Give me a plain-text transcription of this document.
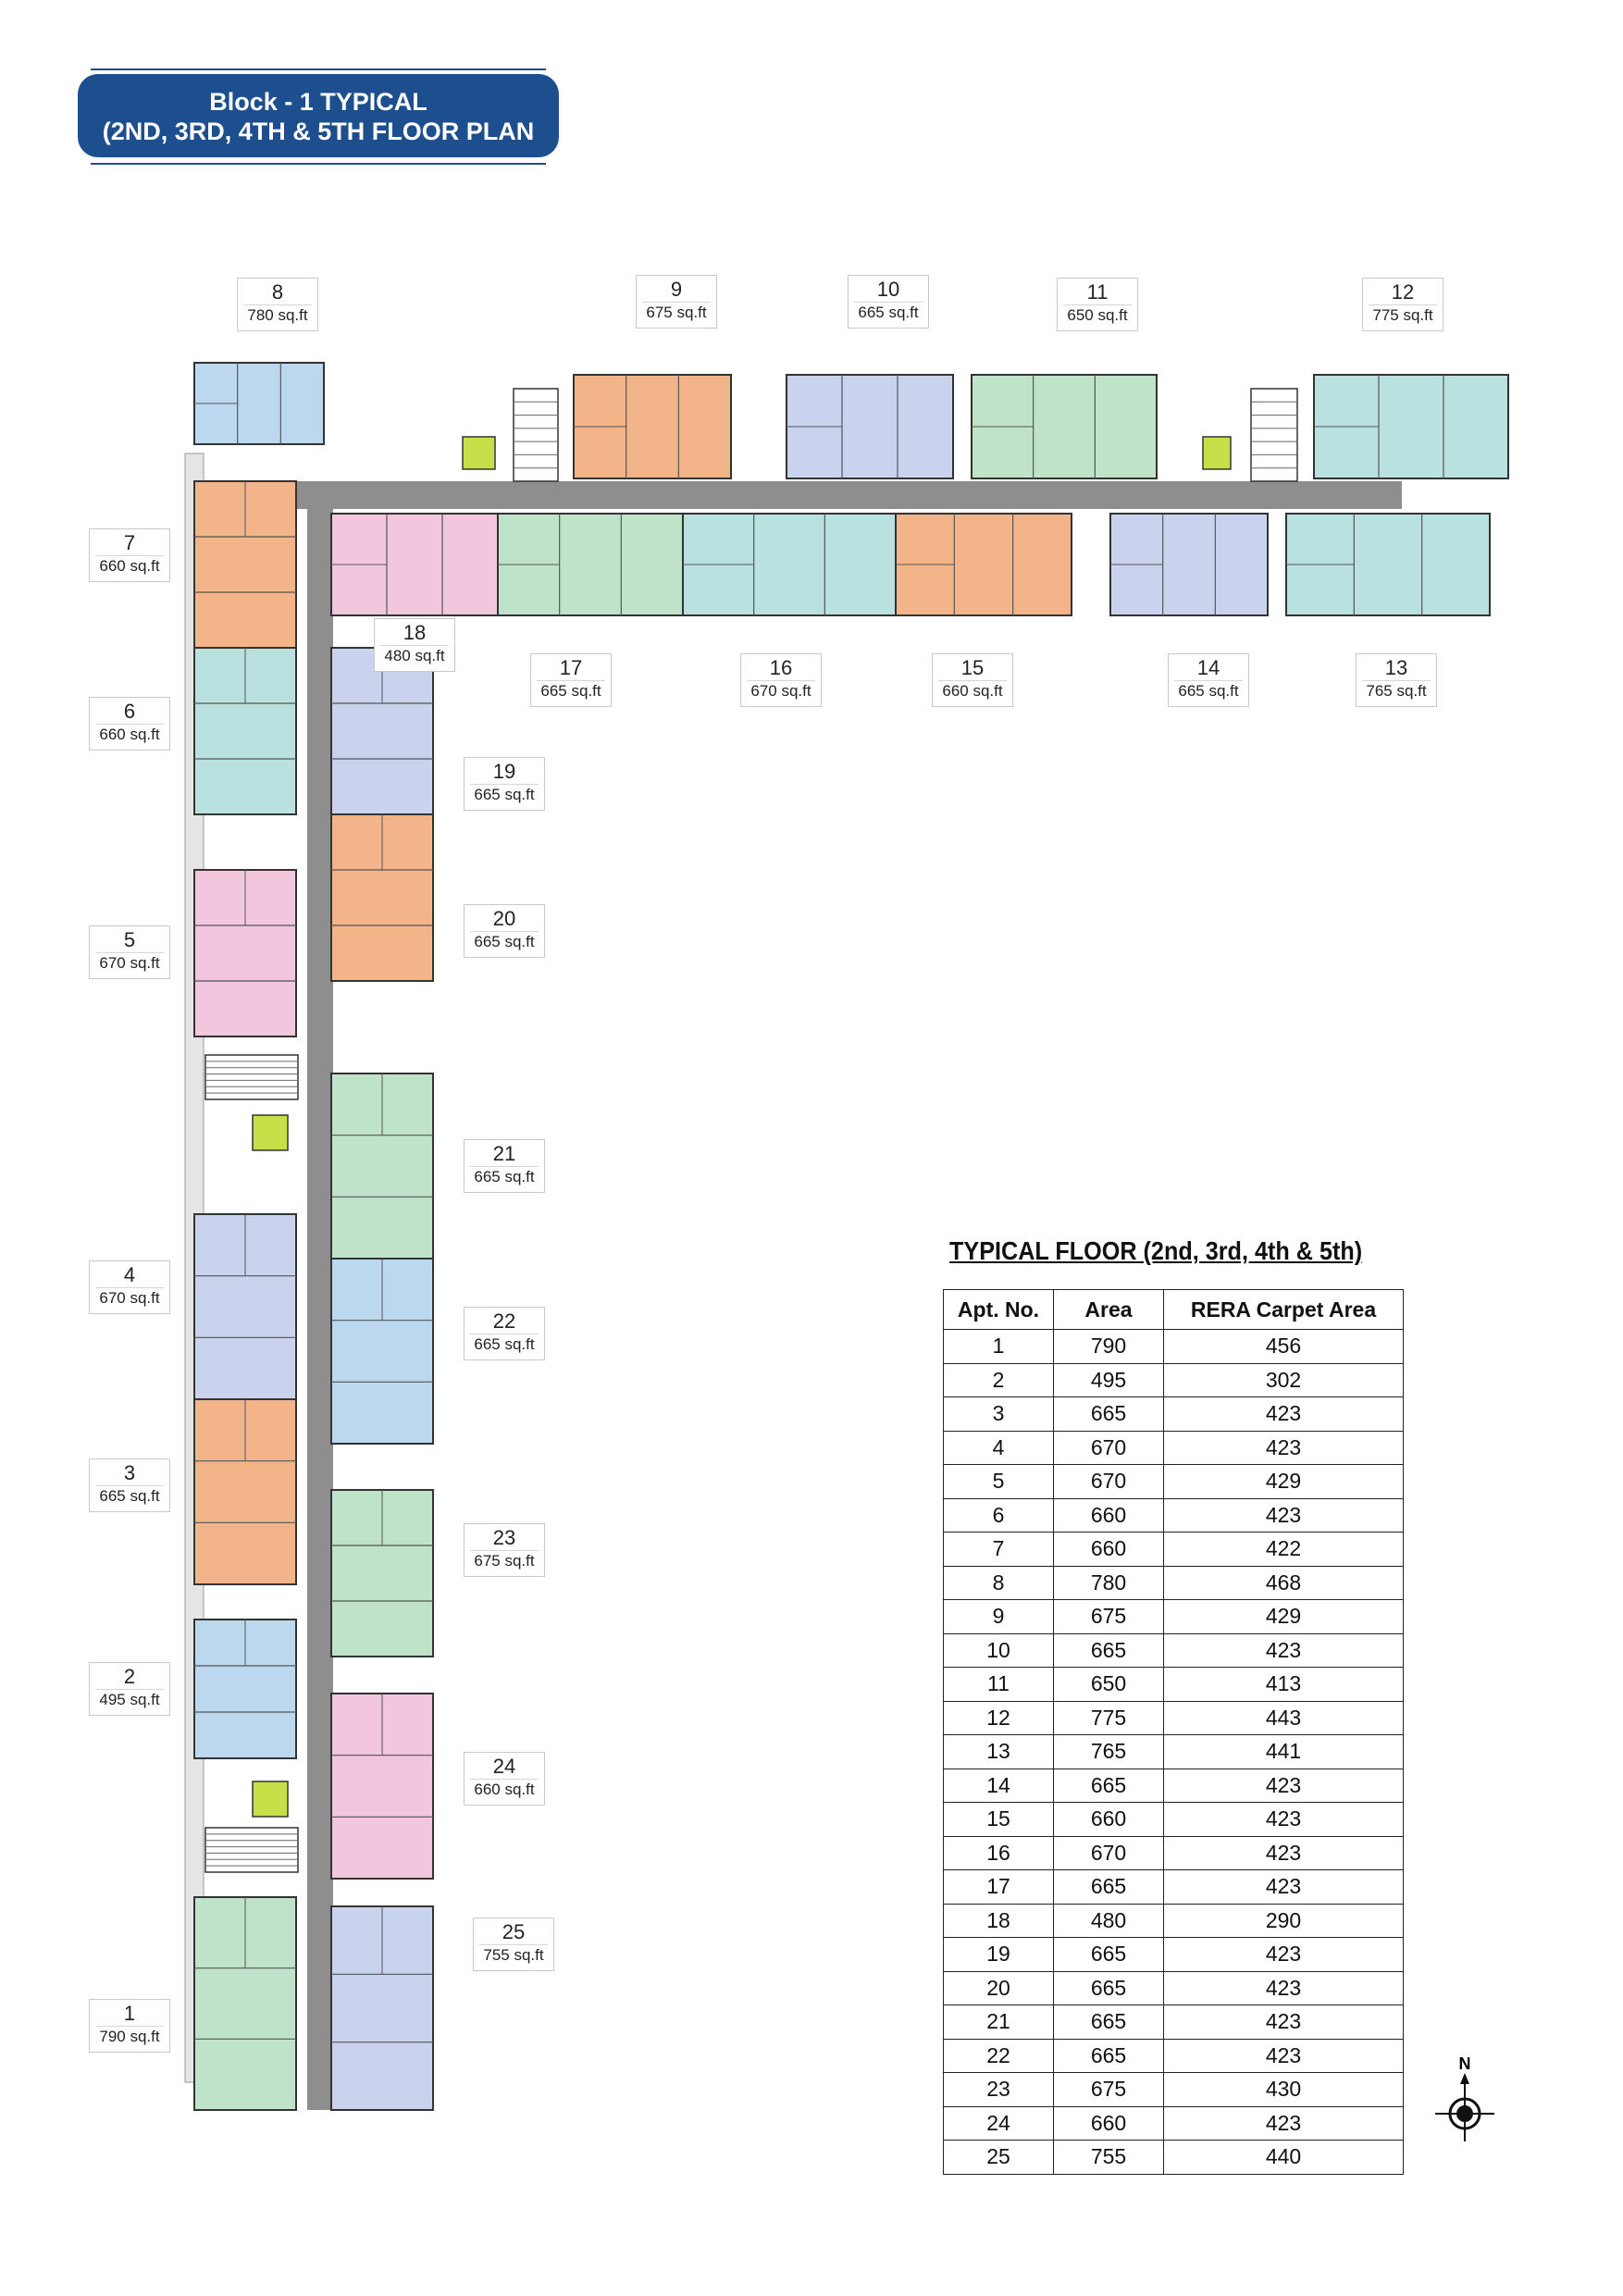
Block - 1 TYPICAL
(2ND, 3RD, 4TH & 5TH FLOOR PLAN
1
790 sq.ft
2
495 sq.ft
3
665 sq.ft
4
670 sq.ft
5
670 sq.ft
6
660 sq.ft
7
660 sq.ft
8
780 sq.ft
9
675 sq.ft
10
665 sq.ft
11
650 sq.ft
12
775 sq.ft
13
765 sq.ft
14
665 sq.ft
15
660 sq.ft
16
670 sq.ft
17
665 sq.ft
18
480 sq.ft
19
665 sq.ft
20
665 sq.ft
21
665 sq.ft
22
665 sq.ft
23
675 sq.ft
24
660 sq.ft
25
755 sq.ft
TYPICAL FLOOR (2nd, 3rd, 4th & 5th)
Apt. No.	Area	RERA Carpet Area
1	790	456
2	495	302
3	665	423
4	670	423
5	670	429
6	660	423
7	660	422
8	780	468
9	675	429
10	665	423
11	650	413
12	775	443
13	765	441
14	665	423
15	660	423
16	670	423
17	665	423
18	480	290
19	665	423
20	665	423
21	665	423
22	665	423
23	675	430
24	660	423
25	755	440
N
